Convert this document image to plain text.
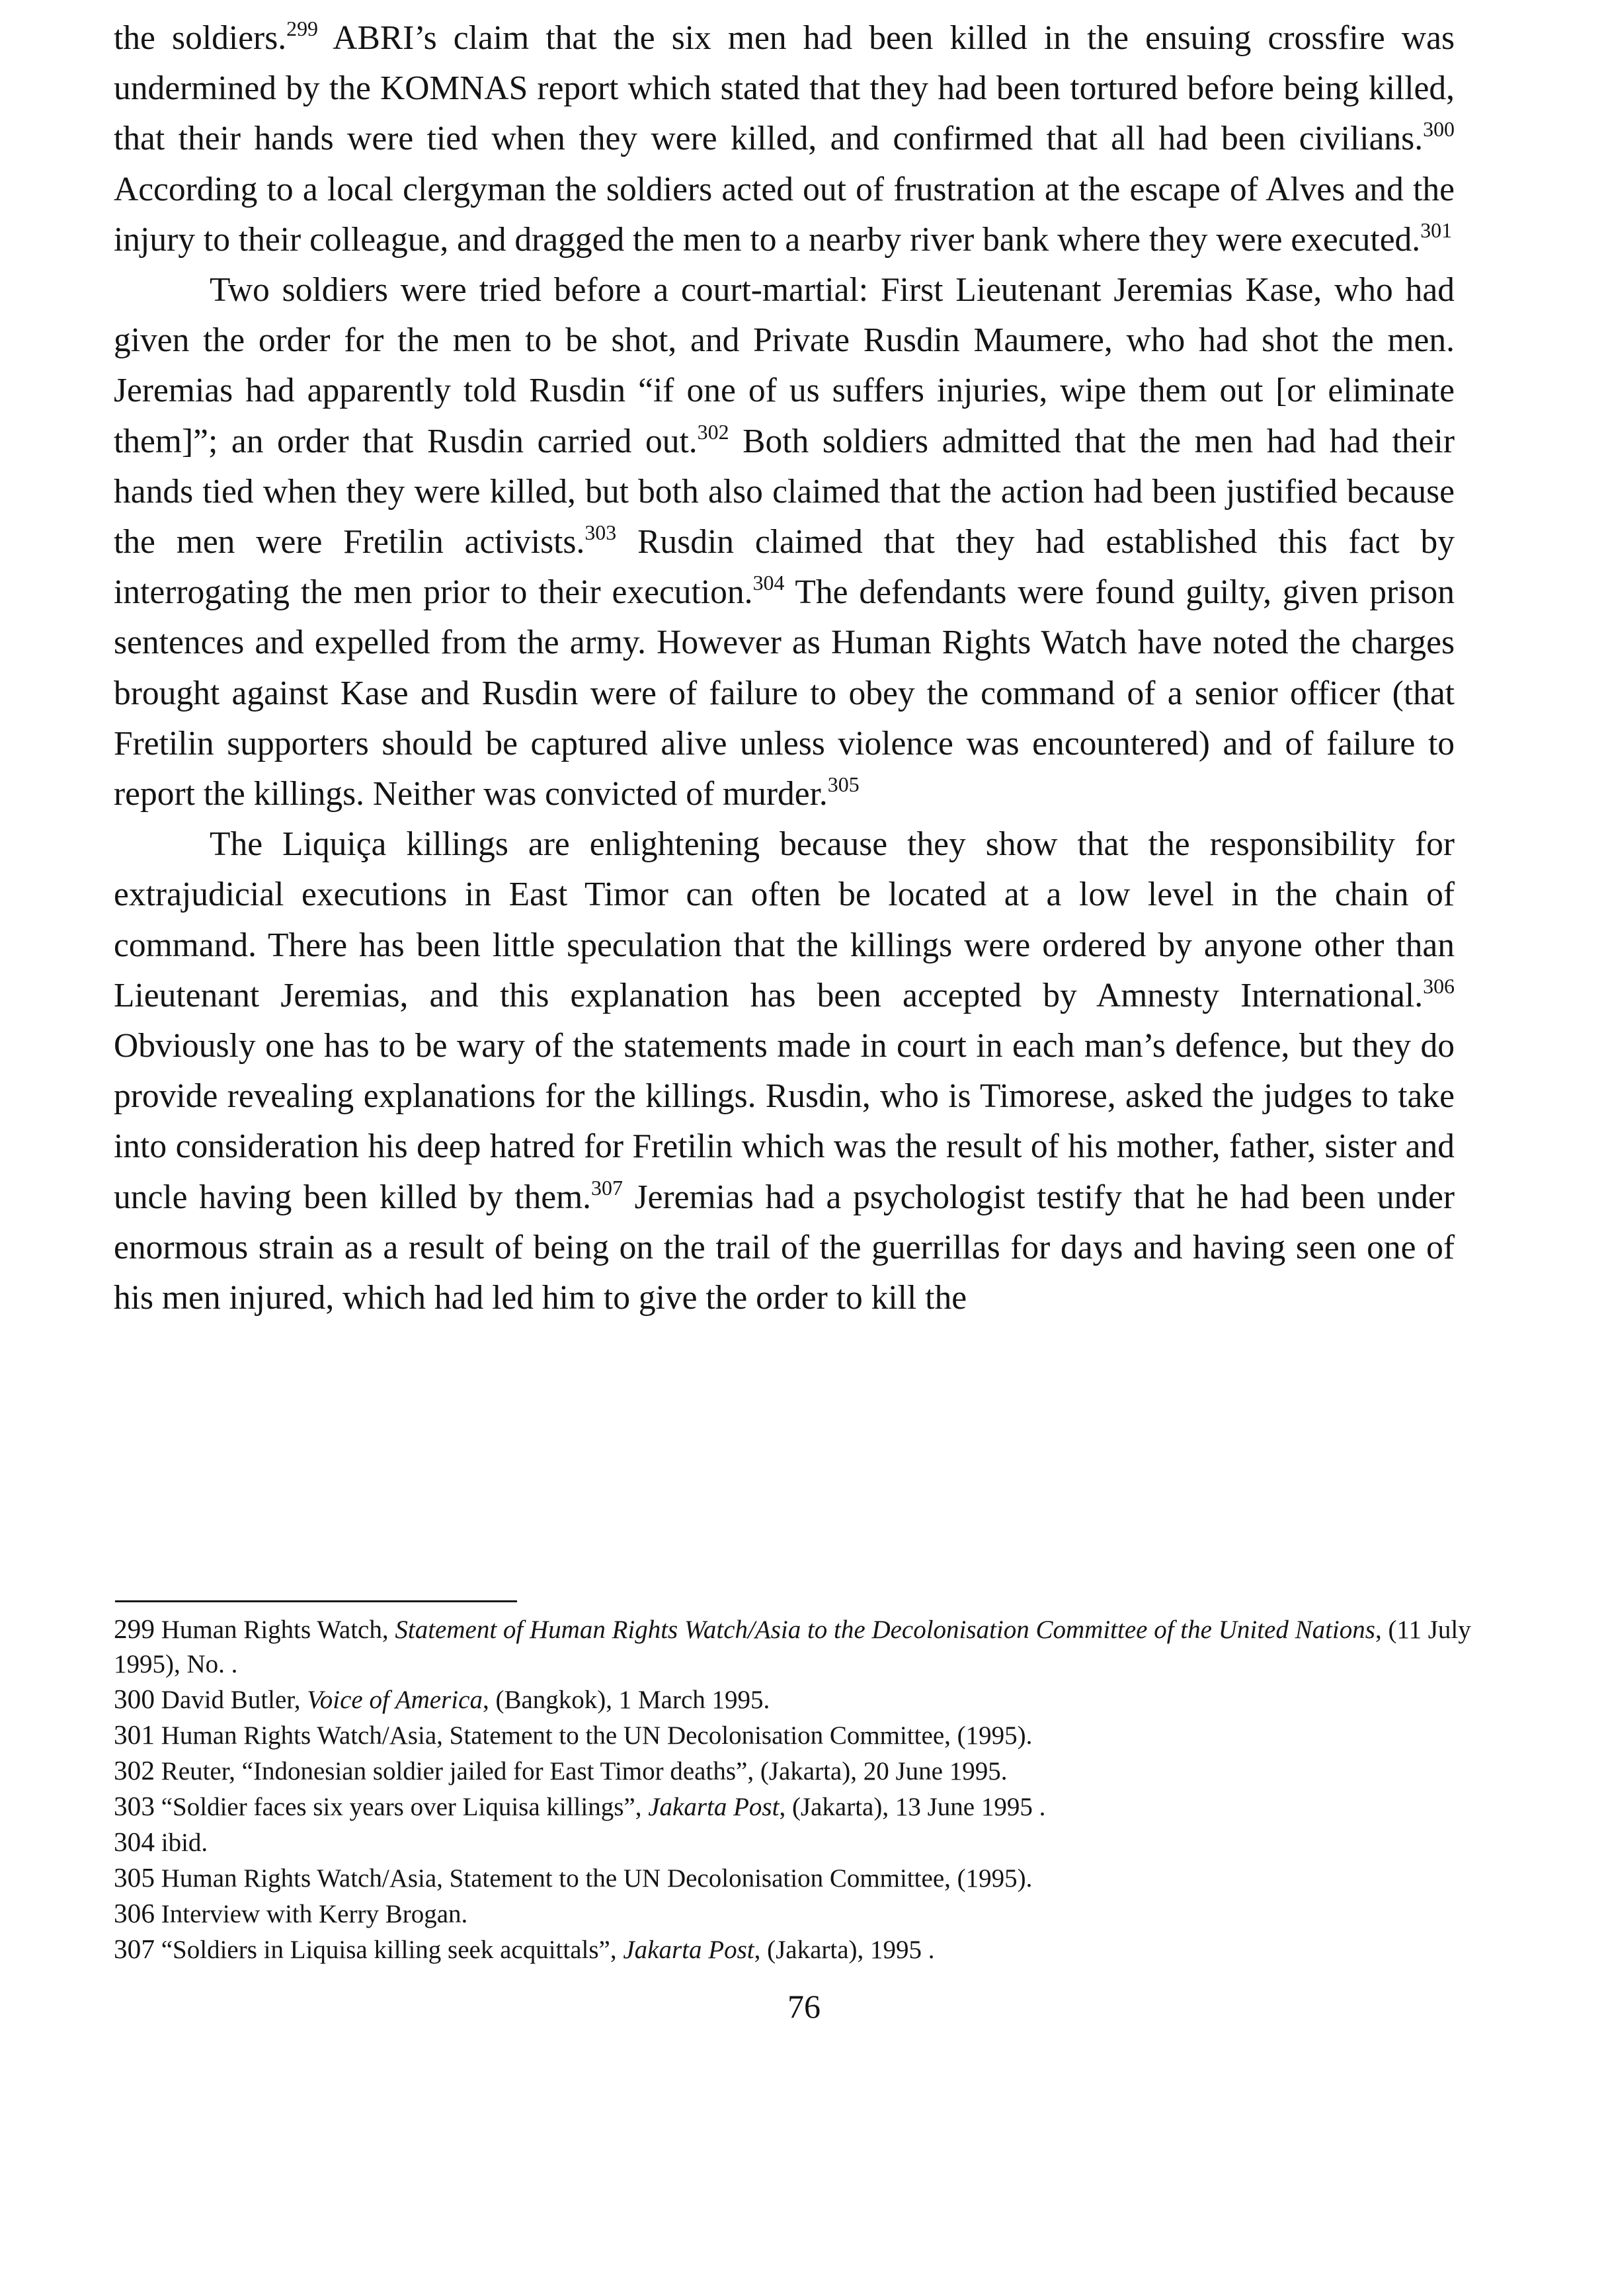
the soldiers.$^{299}$ ABRI’s claim that the six men had been killed in the ensuing crossfire was undermined by the KOMNAS report which stated that they had been tortured before being killed, that their hands were tied when they were killed, and confirmed that all had been civilians.$^{300}$ According to a local clergyman the soldiers acted out of frustration at the escape of Alves and the injury to their colleague, and dragged the men to a nearby river bank where they were executed.$^{301}$

Two soldiers were tried before a court-martial: First Lieutenant Jeremias Kase, who had given the order for the men to be shot, and Private Rusdin Maumere, who had shot the men. Jeremias had apparently told Rusdin “if one of us suffers injuries, wipe them out [or eliminate them]”; an order that Rusdin carried out.$^{302}$ Both soldiers admitted that the men had had their hands tied when they were killed, but both also claimed that the action had been justified because the men were Fretilin activists.$^{303}$ Rusdin claimed that they had established this fact by interrogating the men prior to their execution.$^{304}$ The defendants were found guilty, given prison sentences and expelled from the army. However as Human Rights Watch have noted the charges brought against Kase and Rusdin were of failure to obey the command of a senior officer (that Fretilin supporters should be captured alive unless violence was encountered) and of failure to report the killings. Neither was convicted of murder.$^{305}$

The Liquiça killings are enlightening because they show that the responsibility for extrajudicial executions in East Timor can often be located at a low level in the chain of command. There has been little speculation that the killings were ordered by anyone other than Lieutenant Jeremias, and this explanation has been accepted by Amnesty International.$^{306}$ Obviously one has to be wary of the statements made in court in each man’s defence, but they do provide revealing explanations for the killings. Rusdin, who is Timorese, asked the judges to take into consideration his deep hatred for Fretilin which was the result of his mother, father, sister and uncle having been killed by them.$^{307}$ Jeremias had a psychologist testify that he had been under enormous strain as a result of being on the trail of the guerrillas for days and having seen one of his men injured, which had led him to give the order to kill the

299 Human Rights Watch, Statement of Human Rights Watch/Asia to the Decolonisation Committee of the United Nations, (11 July 1995), No. .
300 David Butler, Voice of America, (Bangkok), 1 March 1995.
301 Human Rights Watch/Asia, Statement to the UN Decolonisation Committee, (1995).
302 Reuter, “Indonesian soldier jailed for East Timor deaths”, (Jakarta), 20 June 1995.
303 “Soldier faces six years over Liquisa killings”, Jakarta Post, (Jakarta), 13 June 1995 .
304 ibid.
305 Human Rights Watch/Asia, Statement to the UN Decolonisation Committee, (1995).
306 Interview with Kerry Brogan.
307 “Soldiers in Liquisa killing seek acquittals”, Jakarta Post, (Jakarta), 1995 .
76
